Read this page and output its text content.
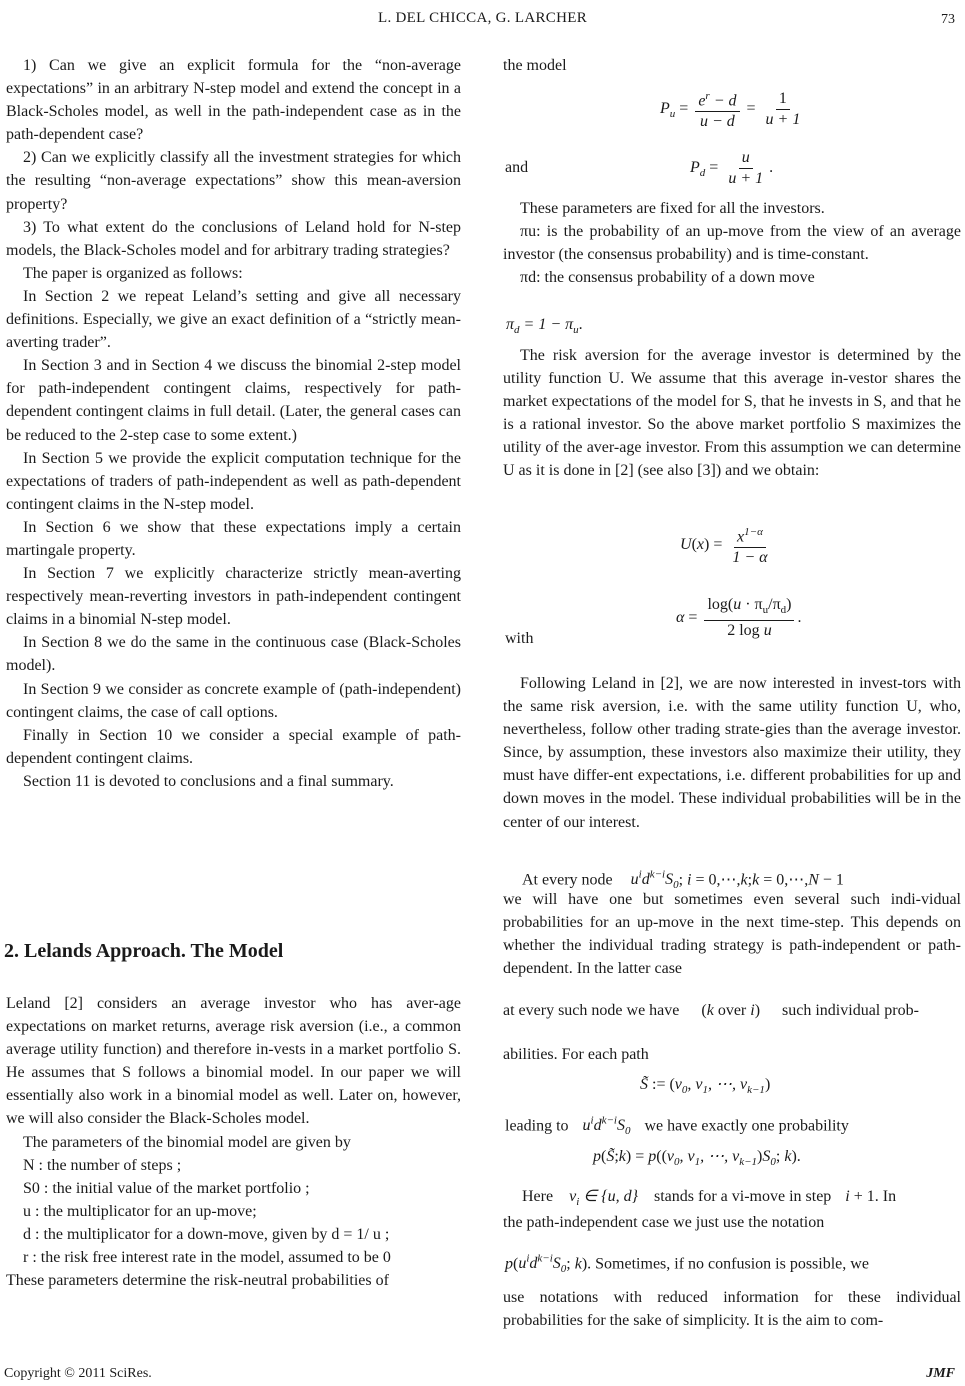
L. DEL CHICCA, G. LARCHER	73

1) Can we give an explicit formula for the “non-average expectations” in an arbitrary N-step model and extend the concept in a Black-Scholes model, as well in the path-independent case as in the path-dependent case?

2) Can we explicitly classify all the investment strategies for which the resulting “non-average expectations” show this mean-aversion property?

3) To what extent do the conclusions of Leland hold for N-step models, the Black-Scholes model and for arbitrary trading strategies?

The paper is organized as follows:

In Section 2 we repeat Leland’s setting and give all necessary definitions. Especially, we give an exact definition of a “strictly mean-averting trader”.

In Section 3 and in Section 4 we discuss the binomial 2-step model for path-independent contingent claims, respectively for path-dependent contingent claims in full detail. (Later, the general cases can be reduced to the 2-step case to some extent.)

In Section 5 we provide the explicit computation technique for the expectations of traders of path-independent as well as path-dependent contingent claims in the N-step model.

In Section 6 we show that these expectations imply a certain martingale property.

In Section 7 we explicitly characterize strictly mean-averting respectively mean-reverting investors in path-independent contingent claims in a binomial N-step model.

In Section 8 we do the same in the continuous case (Black-Scholes model).

In Section 9 we consider as concrete example of (path-independent) contingent claims, the case of call options.

Finally in Section 10 we consider a special example of path-dependent contingent claims.

Section 11 is devoted to conclusions and a final summary.

2. Lelands Approach. The Model

Leland [2] considers an average investor who has aver-age expectations on market returns, average risk aversion (i.e., a common average utility function) and therefore in-vests in a market portfolio S. He assumes that S follows a binomial model. In our paper we will essentially also work in a binomial model as well. Later on, however, we will also consider the Black-Scholes model.

The parameters of the binomial model are given by

N : the number of steps ;

S0 : the initial value of the market portfolio ;

u : the multiplicator for an up-move;

d : the multiplicator for a down-move, given by d = 1/ u ;

r : the risk free interest rate in the model, assumed to be 0

These parameters determine the risk-neutral probabilities of

the model

$P_u = \frac{e^r - d}{u - d} = \frac{1}{u + 1}$
and	$P_d = \frac{u}{u + 1}$ .

These parameters are fixed for all the investors.

πu: is the probability of an up-move from the view of an average investor (the consensus probability) and is time-constant.

πd: the consensus probability of a down move

$\pi_d = 1 - \pi_u$.

The risk aversion for the average investor is determined by the utility function U. We assume that this average in-vestor shares the market expectations of the model for S, that he invests in S, and that he is a rational investor. So the above market portfolio S maximizes the utility of the aver-age investor. From this assumption we can determine U as it is done in [2] (see also [3]) and we obtain:

$U(x) = \frac{x^{1-\alpha}}{1 - \alpha}$
with
$\alpha = \frac{\log(u \cdot \pi_u/\pi_d)}{\text{2 log u}}$ .

Following Leland in [2], we are now interested in invest-tors with the same risk aversion, i.e. with the same utility function U, who, nevertheless, follow other trading strate-gies than the average investor. Since, by assumption, these investors also maximize their utility, they must have differ-ent expectations, i.e. different probabilities for up and down moves in the model. These individual probabilities will be in the center of our interest.

At every node $u^id^{k-i}S_0$; i = 0,⋯,k;k = 0,⋯,N − 1

we will have one but sometimes even several such indi-vidual probabilities for an up-move in the next time-step. This depends on whether the individual trading strategy is path-independent or path-dependent. In the latter case

at every such node we have (k over i) such individual prob-
abilities. For each path
S̃ := ($v_0$, $v_1$, ⋯, $v_{k-1}$)
leading to $u^id^{k-i}S_0$ we have exactly one probability
p(S̃;k) = $p((v_0$, $v_1$, ⋯, $v_{k-1})S_0$; k).
Here $v_i$ ∈ {u, d} stands for a vi-move in step i + 1. In
the path-independent case we just use the notation
$p(u^id^{k-i}S_0$; k). Sometimes, if no confusion is possible, we

use notations with reduced information for these individual probabilities for the sake of simplicity. It is the aim to com-

Copyright © 2011 SciRes.	JMF
